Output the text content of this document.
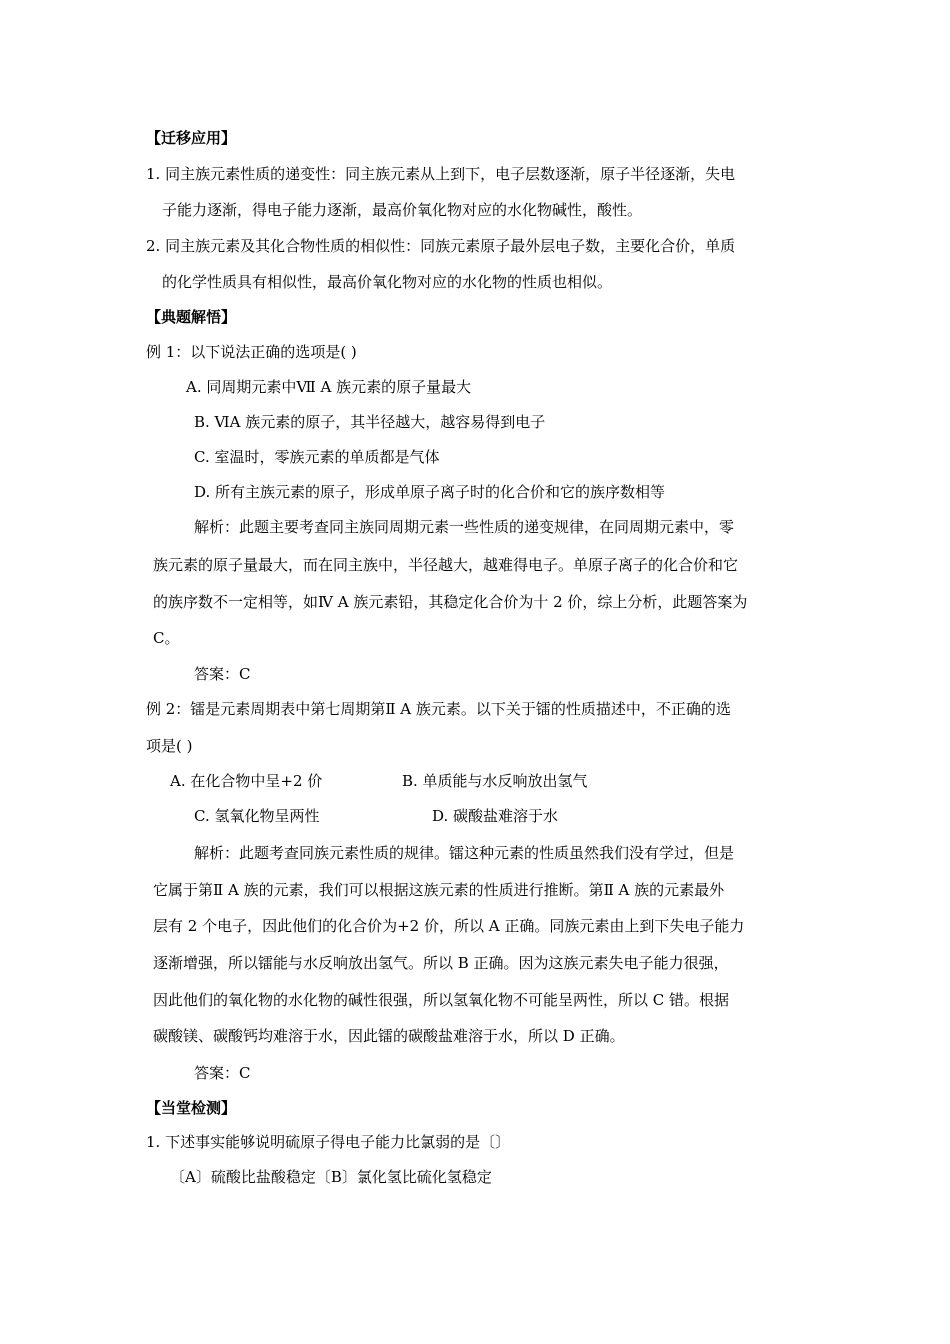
【迁移应用】
1. 同主族元素性质的递变性：同主族元素从上到下，电子层数逐渐，原子半径逐渐，失电
子能力逐渐，得电子能力逐渐，最高价氧化物对应的水化物碱性，酸性。
2. 同主族元素及其化合物性质的相似性：同族元素原子最外层电子数，主要化合价，单质
的化学性质具有相似性，最高价氧化物对应的水化物的性质也相似。
【典题解悟】
例 1：以下说法正确的选项是( )
A. 同周期元素中Ⅶ A 族元素的原子量最大
B. ⅥA 族元素的原子，其半径越大，越容易得到电子
C. 室温时，零族元素的单质都是气体
D. 所有主族元素的原子，形成单原子离子时的化合价和它的族序数相等
解析：此题主要考查同主族同周期元素一些性质的递变规律，在同周期元素中，零
族元素的原子量最大，而在同主族中，半径越大，越难得电子。单原子离子的化合价和它
的族序数不一定相等，如Ⅳ A 族元素铅，其稳定化合价为十 2 价，综上分析，此题答案为
C。
答案：C
例 2：镭是元素周期表中第七周期第Ⅱ A 族元素。以下关于镭的性质描述中，不正确的选
项是( )
A. 在化合物中呈+2 价	B. 单质能与水反响放出氢气
C. 氢氧化物呈两性	D. 碳酸盐难溶于水
解析：此题考查同族元素性质的规律。镭这种元素的性质虽然我们没有学过，但是
它属于第Ⅱ A 族的元素，我们可以根据这族元素的性质进行推断。第Ⅱ A 族的元素最外
层有 2 个电子，因此他们的化合价为+2 价，所以 A 正确。同族元素由上到下失电子能力
逐渐增强，所以镭能与水反响放出氢气。所以 B 正确。因为这族元素失电子能力很强，
因此他们的氧化物的水化物的碱性很强，所以氢氧化物不可能呈两性，所以 C 错。根据
碳酸镁、碳酸钙均难溶于水，因此镭的碳酸盐难溶于水，所以 D 正确。
答案：C
【当堂检测】
1. 下述事实能够说明硫原子得电子能力比氯弱的是〔〕
〔A〕硫酸比盐酸稳定〔B〕氯化氢比硫化氢稳定
